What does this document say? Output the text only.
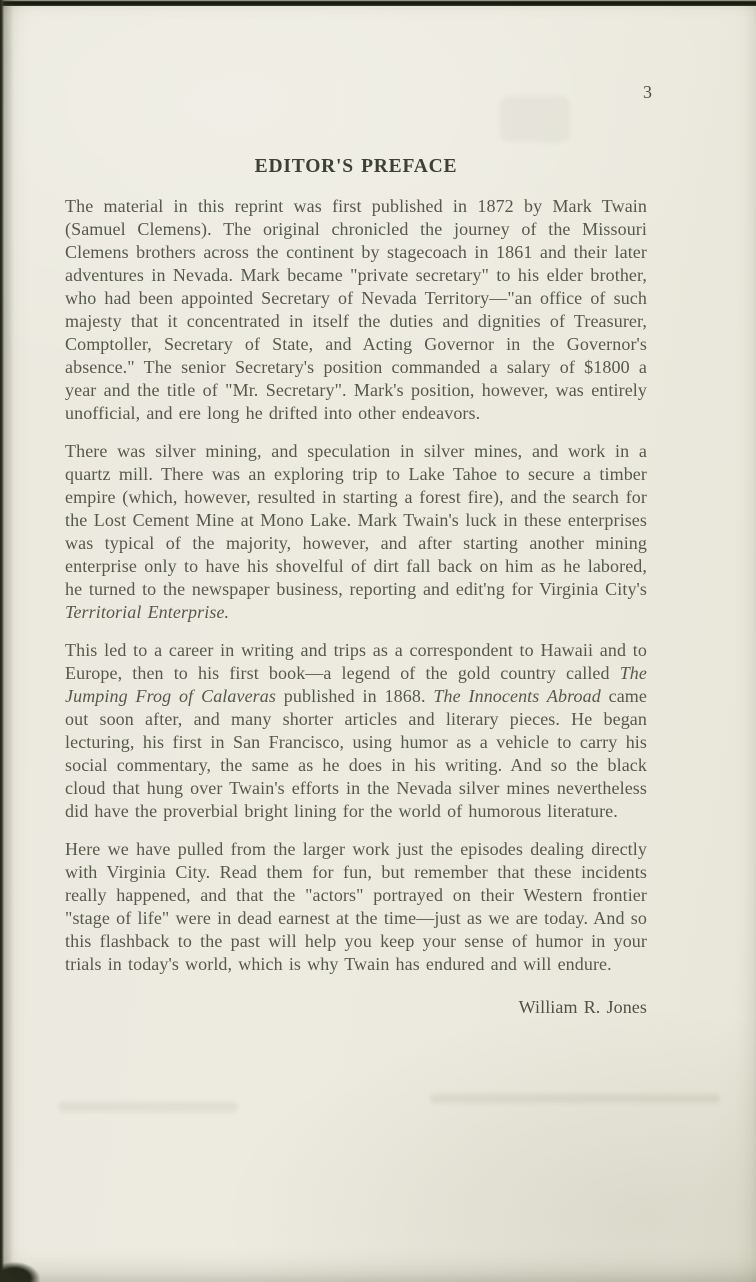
3
EDITOR'S PREFACE

The material in this reprint was first published in 1872 by Mark Twain (Samuel Clemens). The original chronicled the journey of the Missouri Clemens brothers across the continent by stagecoach in 1861 and their later adventures in Nevada. Mark became "private secretary" to his elder brother, who had been appointed Secretary of Nevada Territory—"an office of such majesty that it concentrated in itself the duties and dignities of Treasurer, Comptoller, Secretary of State, and Acting Governor in the Governor's absence." The senior Secretary's position commanded a salary of $1800 a year and the title of "Mr. Secretary". Mark's position, however, was entirely unofficial, and ere long he drifted into other endeavors.

There was silver mining, and speculation in silver mines, and work in a quartz mill. There was an exploring trip to Lake Tahoe to secure a timber empire (which, however, resulted in starting a forest fire), and the search for the Lost Cement Mine at Mono Lake. Mark Twain's luck in these enterprises was typical of the majority, however, and after starting another mining enterprise only to have his shovelful of dirt fall back on him as he labored, he turned to the newspaper business, reporting and edit'ng for Virginia City's Territorial Enterprise.

This led to a career in writing and trips as a correspondent to Hawaii and to Europe, then to his first book—a legend of the gold country called The Jumping Frog of Calaveras published in 1868. The Innocents Abroad came out soon after, and many shorter articles and literary pieces. He began lecturing, his first in San Francisco, using humor as a vehicle to carry his social commentary, the same as he does in his writing. And so the black cloud that hung over Twain's efforts in the Nevada silver mines nevertheless did have the proverbial bright lining for the world of humorous literature.

Here we have pulled from the larger work just the episodes dealing directly with Virginia City. Read them for fun, but remember that these incidents really happened, and that the "actors" portrayed on their Western frontier "stage of life" were in dead earnest at the time—just as we are today. And so this flashback to the past will help you keep your sense of humor in your trials in today's world, which is why Twain has endured and will endure.

William R. Jones
